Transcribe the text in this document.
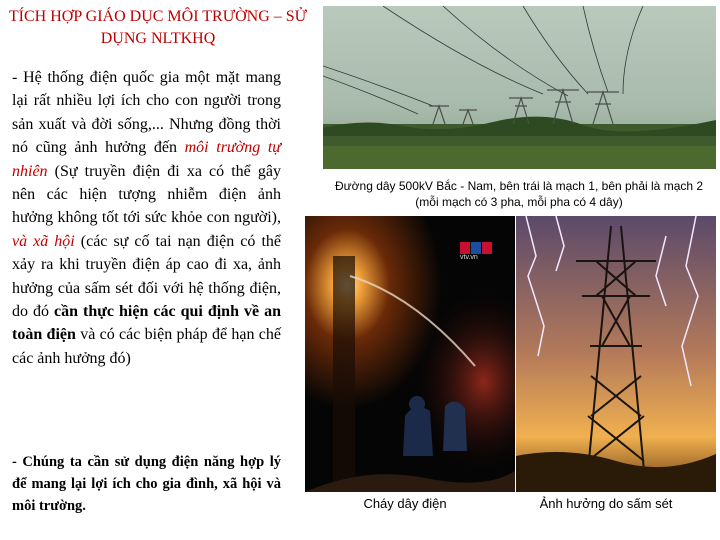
TÍCH HỢP GIÁO DỤC MÔI TRƯỜNG – SỬ DỤNG NLTKHQ
- Hệ thống điện quốc gia một mặt mang lại rất nhiều lợi ích cho con người trong sản xuất và đời sống,... Nhưng đồng thời nó cũng ảnh hưởng đến môi trường tự nhiên (Sự truyền điện đi xa có thể gây nên các hiện tượng nhiễm điện ảnh hưởng không tốt tới sức khỏe con người), và xã hội (các sự cố tai nạn điện có thể xảy ra khi truyền điện áp cao đi xa, ảnh hưởng của sấm sét đối với hệ thống điện, do đó cần thực hiện các qui định về an toàn điện và có các biện pháp để hạn chế các ảnh hưởng đó)
- Chúng ta cần sử dụng điện năng hợp lý để mang lại lợi ích cho gia đình, xã hội và môi trường.
Đường dây 500kV Bắc - Nam, bên trái là mạch 1, bên phải là mạch 2 (mỗi mạch có 3 pha, mỗi pha có 4 dây)
vtv.vn
Cháy dây điện	Ảnh hưởng do sấm sét
